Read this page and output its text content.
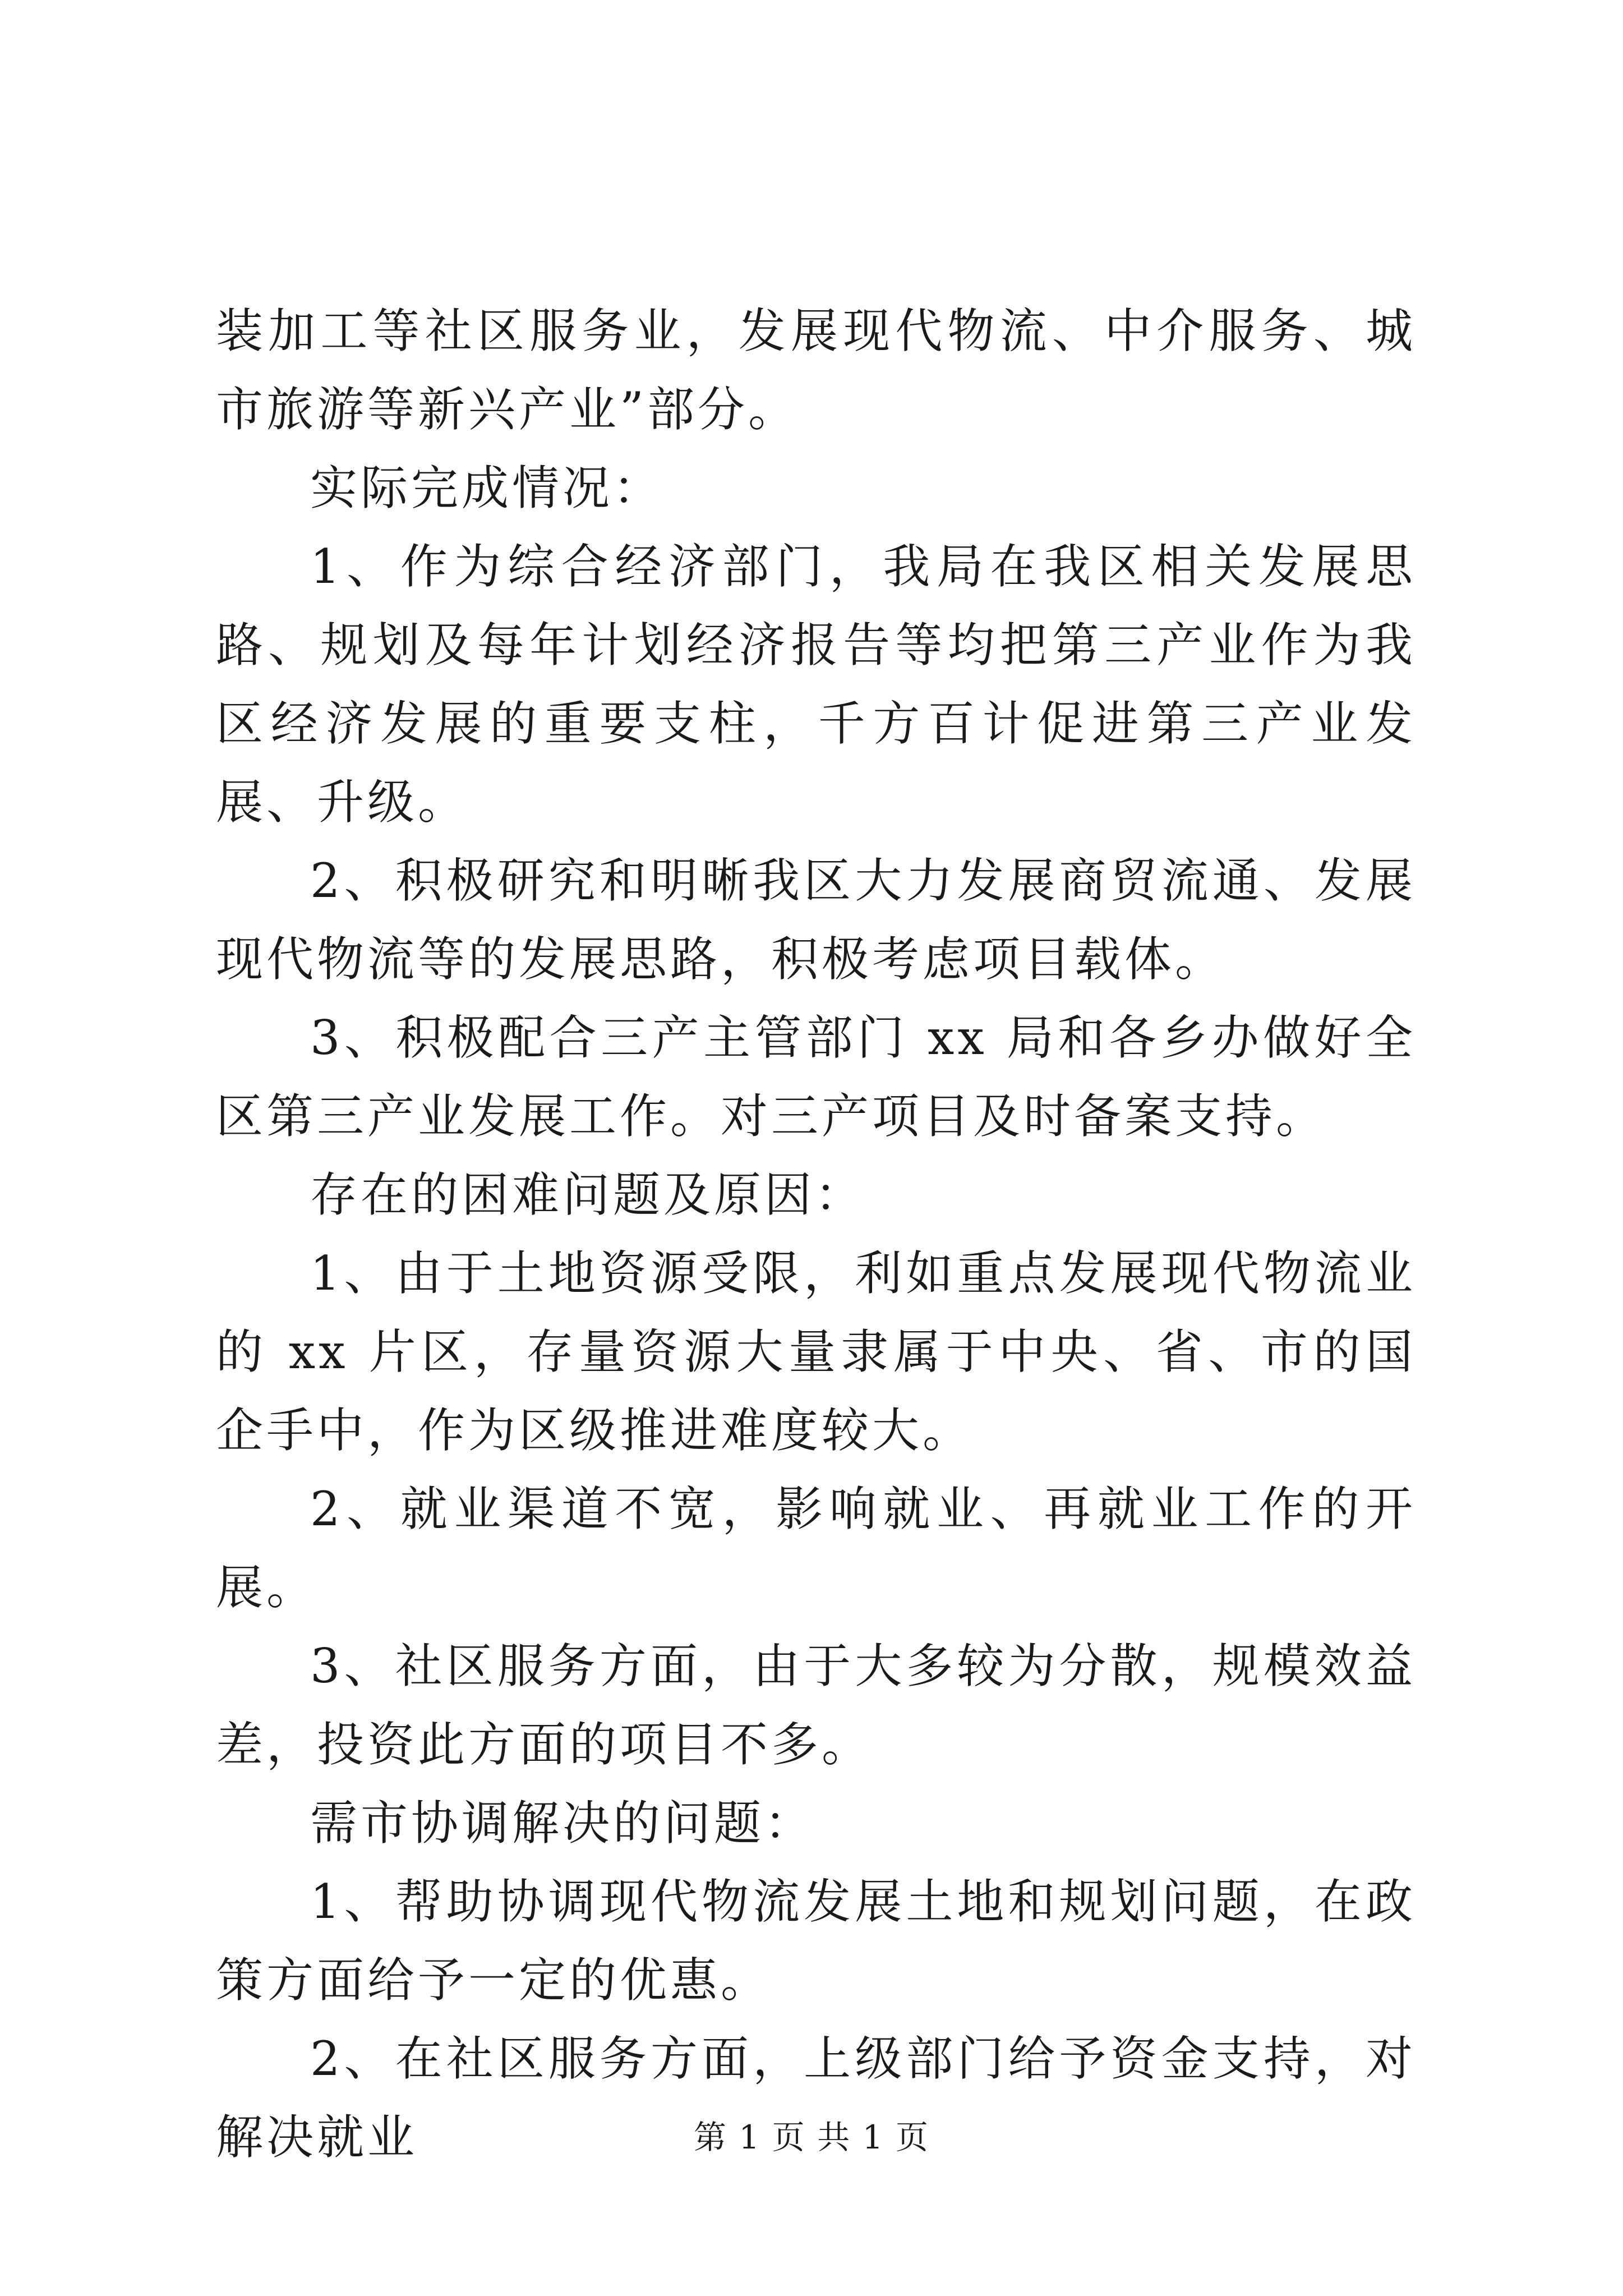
装加工等社区服务业，发展现代物流、中介服务、城市旅游等新兴产业”部分。

实际完成情况：

1、作为综合经济部门，我局在我区相关发展思路、规划及每年计划经济报告等均把第三产业作为我区经济发展的重要支柱，千方百计促进第三产业发展、升级。

2、积极研究和明晰我区大力发展商贸流通、发展现代物流等的发展思路，积极考虑项目载体。

3、积极配合三产主管部门 xx 局和各乡办做好全区第三产业发展工作。对三产项目及时备案支持。

存在的困难问题及原因：

1、由于土地资源受限，利如重点发展现代物流业的 xx 片区，存量资源大量隶属于中央、省、市的国企手中，作为区级推进难度较大。

2、就业渠道不宽，影响就业、再就业工作的开展。

3、社区服务方面，由于大多较为分散，规模效益差，投资此方面的项目不多。

需市协调解决的问题：

1、帮助协调现代物流发展土地和规划问题，在政策方面给予一定的优惠。

2、在社区服务方面，上级部门给予资金支持，对解决就业	第 1 页 共 1 页
